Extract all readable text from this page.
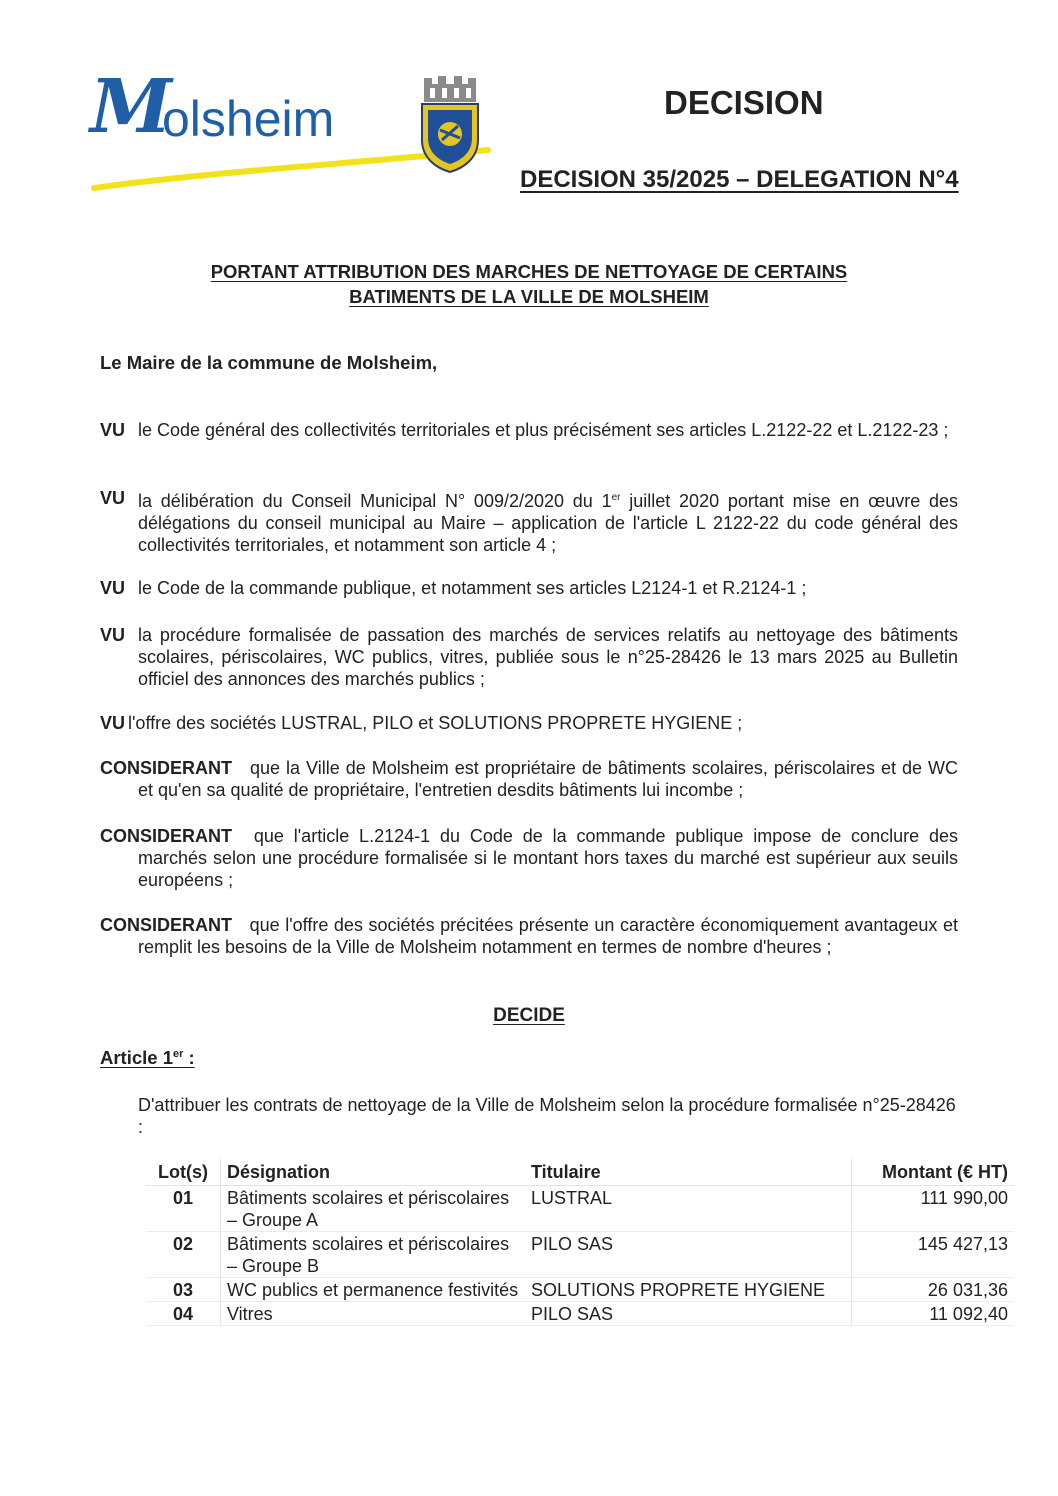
M
olsheim	DECISION
DECISION 35/2025 – DELEGATION N°4
PORTANT ATTRIBUTION DES MARCHES DE NETTOYAGE DE CERTAINS
BATIMENTS DE LA VILLE DE MOLSHEIM
Le Maire de la commune de Molsheim,
VU le Code général des collectivités territoriales et plus précisément ses articles L.2122-22 et L.2122-23 ;
VU la délibération du Conseil Municipal N° 009/2/2020 du 1er juillet 2020 portant mise en œuvre des délégations du conseil municipal au Maire – application de l'article L 2122-22 du code général des collectivités territoriales, et notamment son article 4 ;
VU le Code de la commande publique, et notamment ses articles L2124-1 et R.2124-1 ;
VU la procédure formalisée de passation des marchés de services relatifs au nettoyage des bâtiments scolaires, périscolaires, WC publics, vitres, publiée sous le n°25-28426 le 13 mars 2025 au Bulletin officiel des annonces des marchés publics ;
VU l'offre des sociétés LUSTRAL, PILO et SOLUTIONS PROPRETE HYGIENE ;
CONSIDERANT que la Ville de Molsheim est propriétaire de bâtiments scolaires, périscolaires et de WC et qu'en sa qualité de propriétaire, l'entretien desdits bâtiments lui incombe ;
CONSIDERANT que l'article L.2124-1 du Code de la commande publique impose de conclure des marchés selon une procédure formalisée si le montant hors taxes du marché est supérieur aux seuils européens ;
CONSIDERANT que l'offre des sociétés précitées présente un caractère économiquement avantageux et remplit les besoins de la Ville de Molsheim notamment en termes de nombre d'heures ;
DECIDE
Article 1er :
D'attribuer les contrats de nettoyage de la Ville de Molsheim selon la procédure formalisée n°25-28426 :
Lot(s)	Désignation	Titulaire	Montant (€ HT)
01	Bâtiments scolaires et périscolaires – Groupe A	LUSTRAL	111 990,00
02	Bâtiments scolaires et périscolaires – Groupe B	PILO SAS	145 427,13
03	WC publics et permanence festivités	SOLUTIONS PROPRETE HYGIENE	26 031,36
04	Vitres	PILO SAS	11 092,40
